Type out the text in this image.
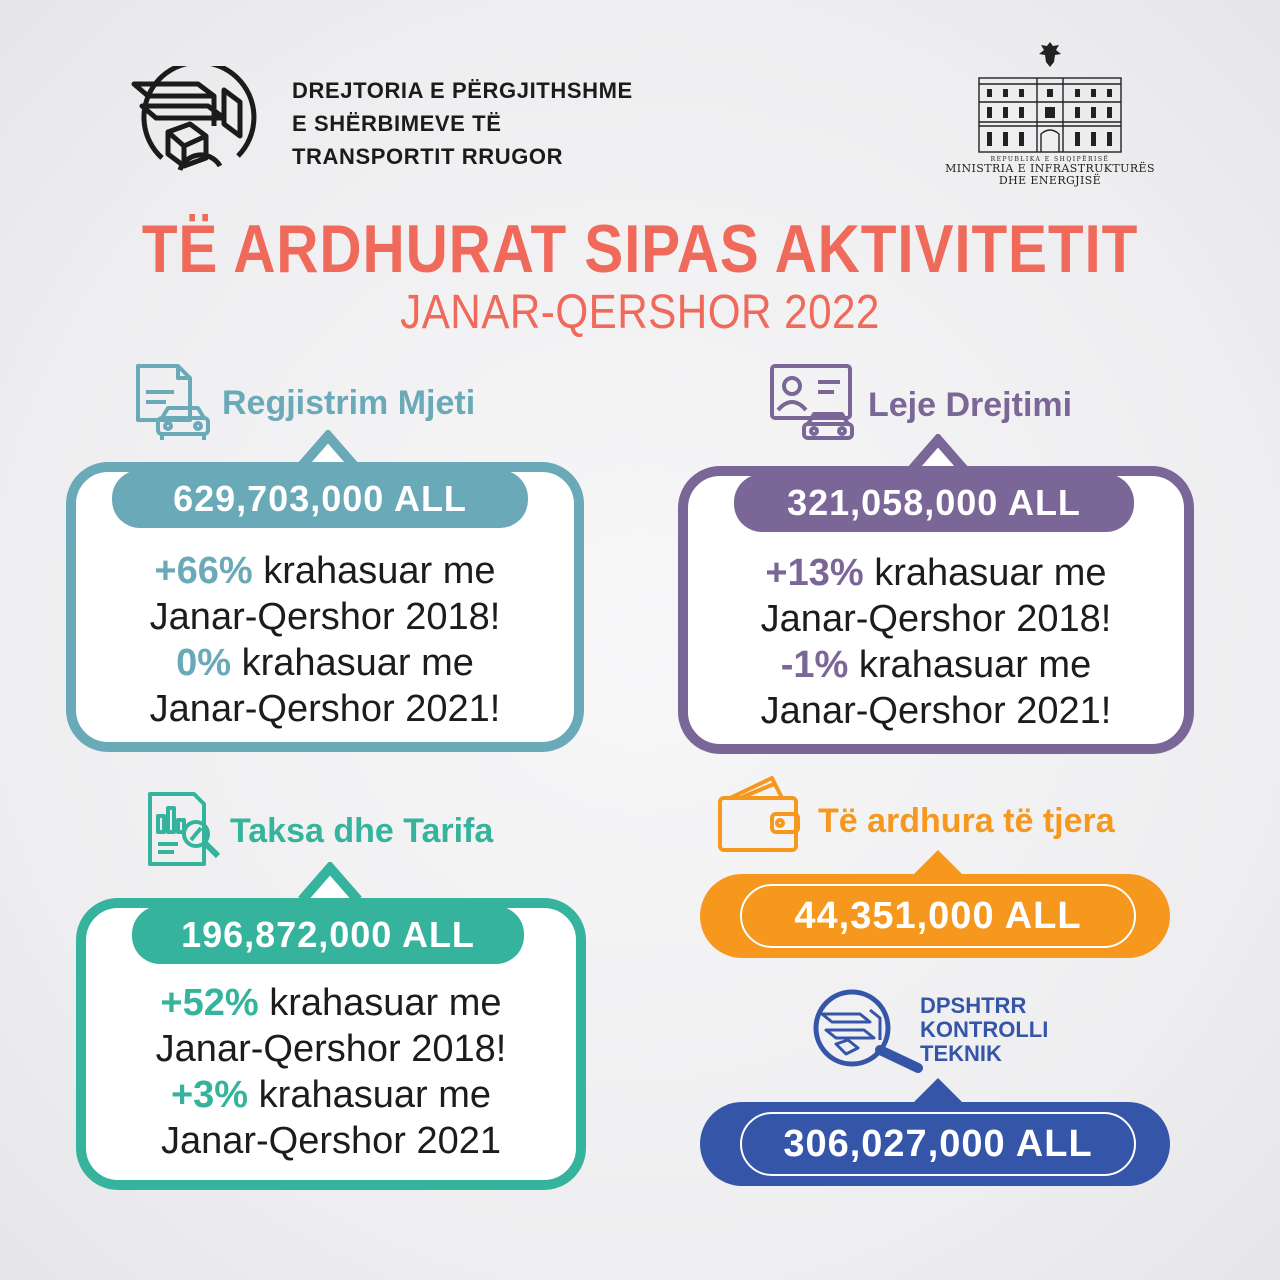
DREJTORIA E PËRGJITHSHME
E SHËRBIMEVE TË
TRANSPORTIT RRUGOR	REPUBLIKA E SHQIPËRISË
MINISTRIA E INFRASTRUKTURËS
DHE ENERGJISË
TË ARDHURAT SIPAS AKTIVITETIT
JANAR-QERSHOR 2022
Regjistrim Mjeti
629,703,000 ALL
+66% krahasuar me
Janar-Qershor 2018!
0% krahasuar me
Janar-Qershor 2021!
Leje Drejtimi
321,058,000 ALL
+13% krahasuar me
Janar-Qershor 2018!
-1% krahasuar me
Janar-Qershor 2021!
Taksa dhe Tarifa
196,872,000 ALL
+52% krahasuar me
Janar-Qershor 2018!
+3% krahasuar me
Janar-Qershor 2021
Të ardhura të tjera
44,351,000 ALL
DPSHTRR
KONTROLLI
TEKNIK
306,027,000 ALL
